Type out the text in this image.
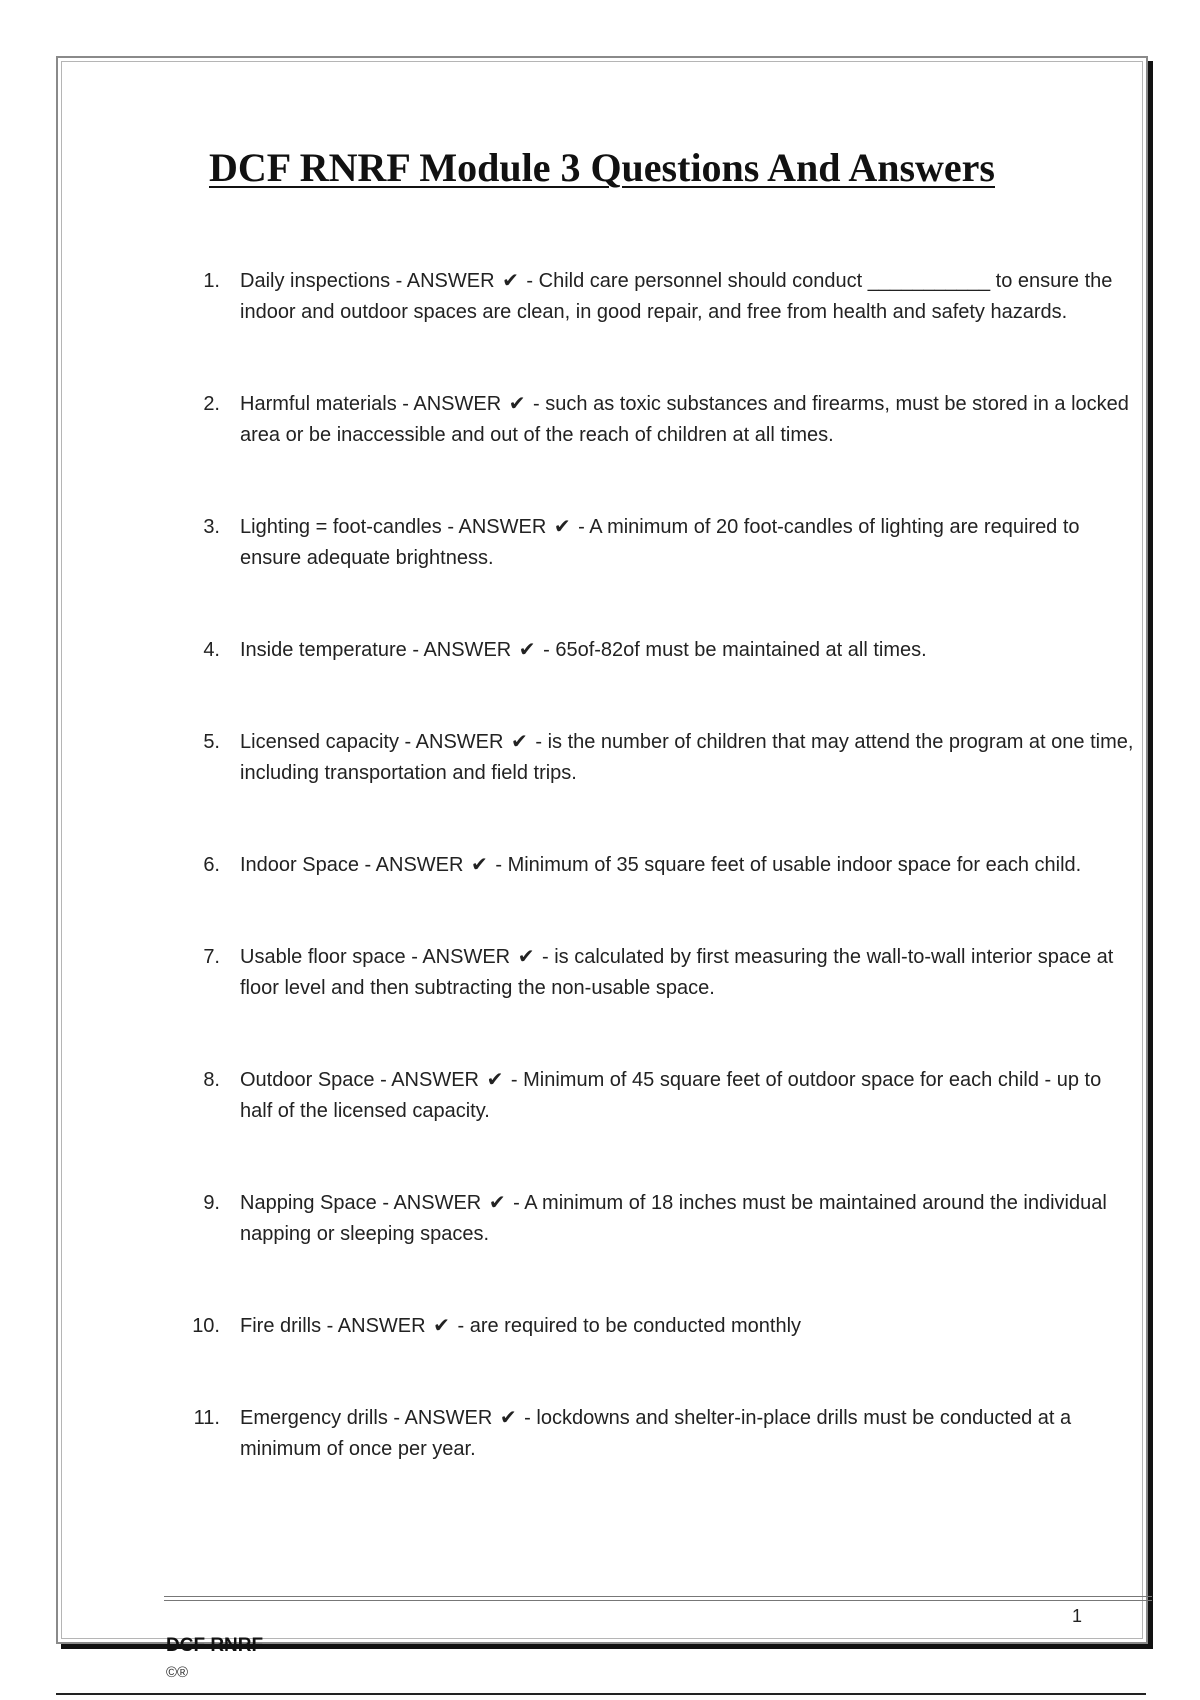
DCF RNRF Module 3 Questions And Answers
1. Daily inspections - ANSWER ✔ - Child care personnel should conduct ___________ to ensure the indoor and outdoor spaces are clean, in good repair, and free from health and safety hazards.
2. Harmful materials - ANSWER ✔ - such as toxic substances and firearms, must be stored in a locked area or be inaccessible and out of the reach of children at all times.
3. Lighting = foot-candles - ANSWER ✔ - A minimum of 20 foot-candles of lighting are required to ensure adequate brightness.
4. Inside temperature - ANSWER ✔ - 65of-82of must be maintained at all times.
5. Licensed capacity - ANSWER ✔ - is the number of children that may attend the program at one time, including transportation and field trips.
6. Indoor Space - ANSWER ✔ - Minimum of 35 square feet of usable indoor space for each child.
7. Usable floor space - ANSWER ✔ - is calculated by first measuring the wall-to-wall interior space at floor level and then subtracting the non-usable space.
8. Outdoor Space - ANSWER ✔ - Minimum of 45 square feet of outdoor space for each child - up to half of the licensed capacity.
9. Napping Space - ANSWER ✔ - A minimum of 18 inches must be maintained around the individual napping or sleeping spaces.
10. Fire drills - ANSWER ✔ - are required to be conducted monthly
11. Emergency drills - ANSWER ✔ - lockdowns and shelter-in-place drills must be conducted at a minimum of once per year.
1
DCF RNRF
©®
